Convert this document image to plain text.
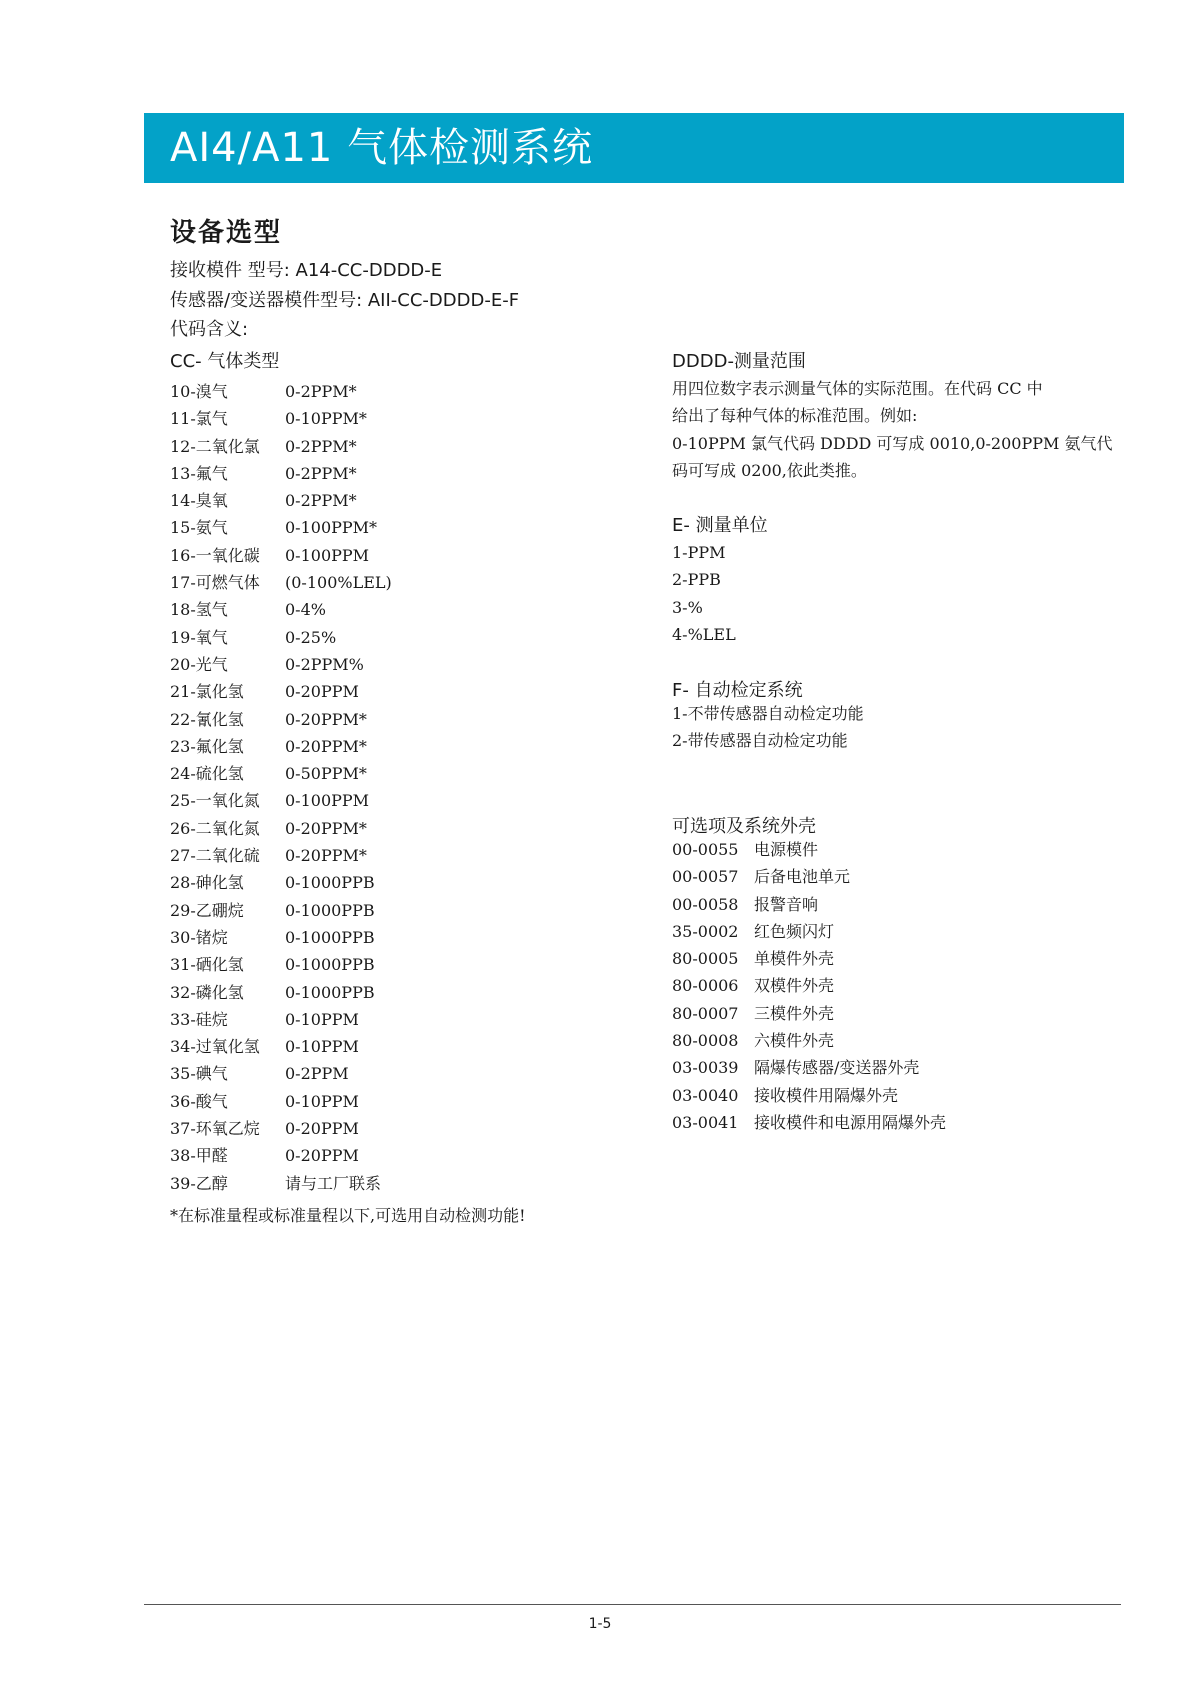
AI4/A11 气体检测系统
设备选型
接收模件 型号: A14-CC-DDDD-E
传感器/变送器模件型号: AII-CC-DDDD-E-F
代码含义:
CC- 气体类型
10-溴气	0-2PPM*
11-氯气	0-10PPM*
12-二氧化氯 0-2PPM*
13-氟气	0-2PPM*
14-臭氧	0-2PPM*
15-氨气	0-100PPM*
16-一氧化碳 0-100PPM
17-可燃气体 (0-100%LEL)
18-氢气	0-4%
19-氧气	0-25%
20-光气	0-2PPM%
21-氯化氢	0-20PPM
22-氰化氢	0-20PPM*
23-氟化氢	0-20PPM*
24-硫化氢	0-50PPM*
25-一氧化氮 0-100PPM
26-二氧化氮 0-20PPM*
27-二氧化硫 0-20PPM*
28-砷化氢	0-1000PPB
29-乙硼烷	0-1000PPB
30-锗烷	0-1000PPB
31-硒化氢	0-1000PPB
32-磷化氢	0-1000PPB
33-硅烷	0-10PPM
34-过氧化氢 0-10PPM
35-碘气	0-2PPM
36-酸气	0-10PPM
37-环氧乙烷 0-20PPM
38-甲醛	0-20PPM
39-乙醇	请与工厂联系
*在标准量程或标准量程以下,可选用自动检测功能!
DDDD-测量范围
用四位数字表示测量气体的实际范围。在代码 CC 中
给出了每种气体的标准范围。例如:
0-10PPM 氯气代码 DDDD 可写成 0010,0-200PPM 氨气代
码可写成 0200,依此类推。
E- 测量单位
1-PPM
2-PPB
3-%
4-%LEL
F- 自动检定系统
1-不带传感器自动检定功能
2-带传感器自动检定功能
可选项及系统外壳
00-0055 电源模件
00-0057 后备电池单元
00-0058 报警音响
35-0002 红色频闪灯
80-0005 单模件外壳
80-0006 双模件外壳
80-0007 三模件外壳
80-0008 六模件外壳
03-0039 隔爆传感器/变送器外壳
03-0040 接收模件用隔爆外壳
03-0041 接收模件和电源用隔爆外壳
1-5
